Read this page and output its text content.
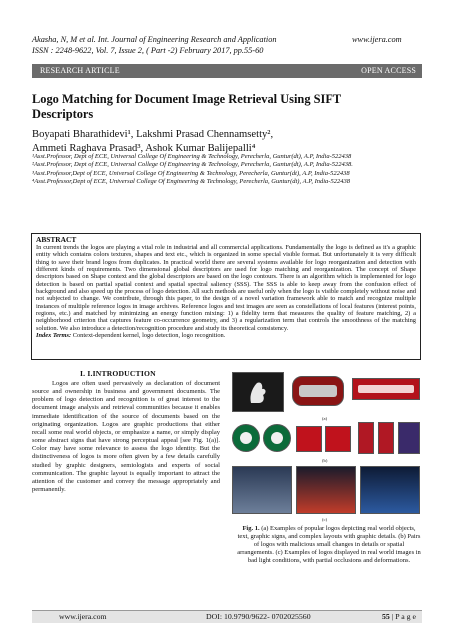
Akasha, N, M et al. Int. Journal of Engineering Research and Application
ISSN : 2248-9622, Vol. 7, Issue 2, ( Part -2) February 2017, pp.55-60
www.ijera.com
RESEARCH ARTICLE	OPEN ACCESS
Logo Matching for Document Image Retrieval Using SIFT Descriptors
Boyapati Bharathidevi¹, Lakshmi Prasad Chennamsetty²,
Ammeti Raghava Prasad³, Ashok Kumar Balijepalli⁴

¹Asst.Professor, Dept of ECE, Universal College Of Engineering & Technology, Perecherla, Guntur(dt), A.P, India-522438

²Asst.Professor, Dept of ECE, Universal College Of Engineering & Technology, Perecherla, Guntur(dt), A.P, India-522438.

³Asst.Professor,Dept of ECE, Universal College Of Engineering & Technology, Perecherla, Guntur(dt), A.P, India-522438

⁴Asst.Professor,Dept of ECE, Universal College Of Engineering & Technology, Perecherla, Guntur(dt), A.P, India-522438

ABSTRACT

In current trends the logos are playing a vital role in industrial and all commercial applications. Fundamentally the logo is defined as it's a graphic entity which contains colors textures, shapes and text etc., which is organized in some special visible format. But unfortunately it is very difficult thing to save their brand logos from duplicates. In practical world there are several systems available for logo reorganization and detection with different kinds of requirements. Two dimensional global descriptors are used for logo matching and reorganization. The concept of Shape descriptors based on Shape context and the global descriptors are based on the logo contours. There is an algorithm which is implemented for logo detection is based on partial spatial context and spatial spectral saliency (SSS). The SSS is able to keep away from the confusion effect of background and also speed up the process of logo detection. All such methods are useful only when the logo is visible completely without noise and not subjected to change. We contribute, through this paper, to the design of a novel variation framework able to match and recognize multiple instances of multiple reference logos in image archives. Reference logos and test images are seen as constellations of local features (interest points, regions, etc.) and matched by minimizing an energy function mixing: 1) a fidelity term that measures the quality of feature matching, 2) a neighborhood criterion that captures feature co-occurrence geometry, and 3) a regularization term that controls the smoothness of the matching solution. We also introduce a detection/recognition procedure and study its theoretical consistency.

Index Terms: Context-dependent kernel, logo detection, logo recognition.

I. I.INTRODUCTION

Logos are often used pervasively as declaration of document source and ownership in business and government documents. The problem of logo detection and recognition is of great interest to the document image analysis and retrieval communities because it enables immediate identification of the source of documents based on the originating organization. Logos are graphic productions that either recall some real world objects, or emphasize a name, or simply display some abstract signs that have strong perceptual appeal [see Fig. 1(a)]. Color may have some relevance to assess the logo identity. But the distinctiveness of logos is more often given by a few details carefully studied by graphic designers, semiologists and experts of social communication. The graphic layout is equally important to attract the attention of the customer and convey the message appropriately and permanently.

(a)
(b)
(c)
Fig. 1. (a) Examples of popular logos depicting real world objects, text, graphic signs, and complex layouts with graphic details. (b) Pairs of logos with malicious small changes in details or spatial arrangements. (c) Examples of logos displayed in real world images in bad light conditions, with partial occlusions and deformations.
www.ijera.com	DOI: 10.9790/9622- 0702025560	55 | P a g e
